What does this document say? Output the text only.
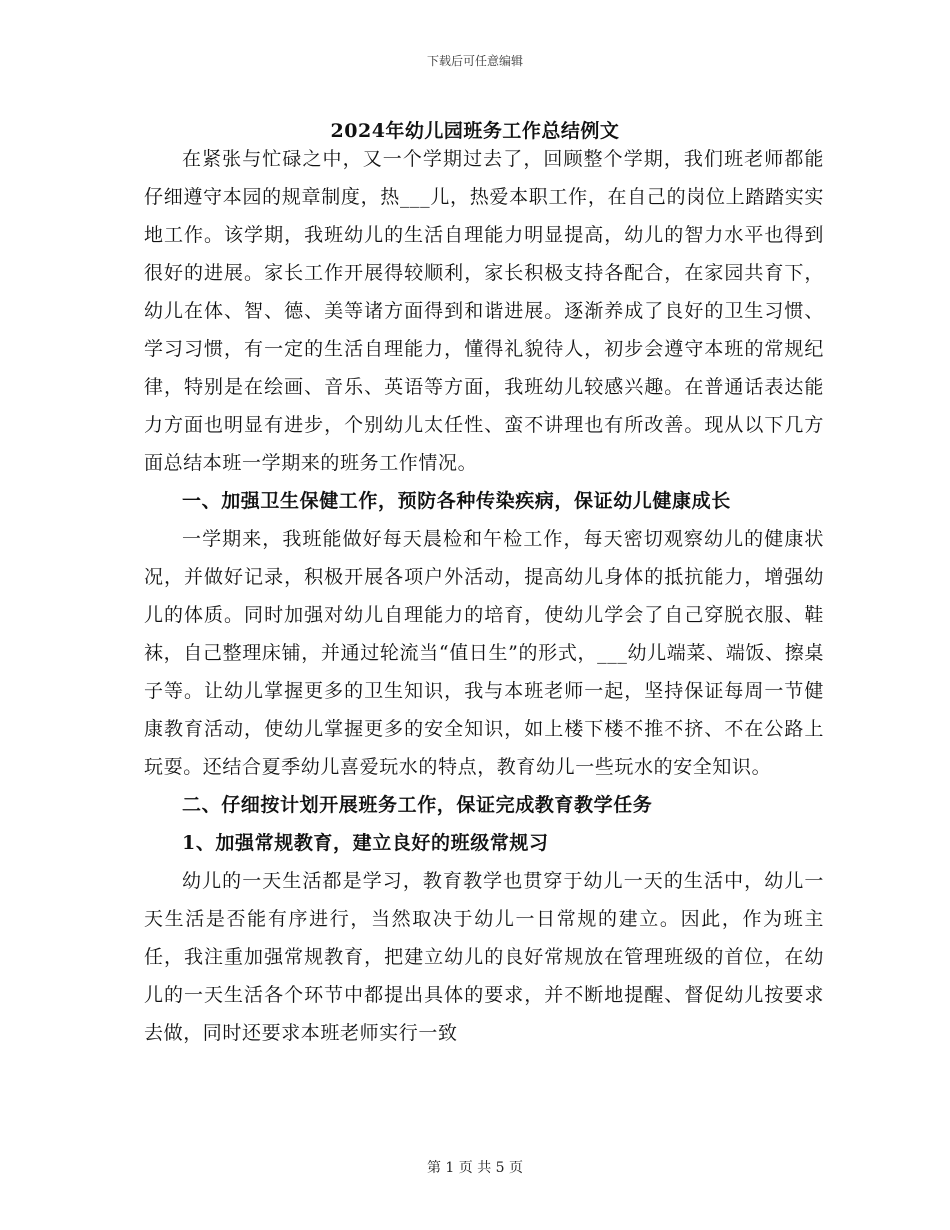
下载后可任意编辑
2024年幼儿园班务工作总结例文

在紧张与忙碌之中，又一个学期过去了，回顾整个学期，我们班老师都能仔细遵守本园的规章制度，热___儿，热爱本职工作，在自己的岗位上踏踏实实地工作。该学期，我班幼儿的生活自理能力明显提高，幼儿的智力水平也得到很好的进展。家长工作开展得较顺利，家长积极支持各配合，在家园共育下，幼儿在体、智、德、美等诸方面得到和谐进展。逐渐养成了良好的卫生习惯、学习习惯，有一定的生活自理能力，懂得礼貌待人，初步会遵守本班的常规纪律，特别是在绘画、音乐、英语等方面，我班幼儿较感兴趣。在普通话表达能力方面也明显有进步，个别幼儿太任性、蛮不讲理也有所改善。现从以下几方面总结本班一学期来的班务工作情况。

一、加强卫生保健工作，预防各种传染疾病，保证幼儿健康成长

一学期来，我班能做好每天晨检和午检工作，每天密切观察幼儿的健康状况，并做好记录，积极开展各项户外活动，提高幼儿身体的抵抗能力，增强幼儿的体质。同时加强对幼儿自理能力的培育，使幼儿学会了自己穿脱衣服、鞋袜，自己整理床铺，并通过轮流当“值日生”的形式，___幼儿端菜、端饭、擦桌子等。让幼儿掌握更多的卫生知识，我与本班老师一起，坚持保证每周一节健康教育活动，使幼儿掌握更多的安全知识，如上楼下楼不推不挤、不在公路上玩耍。还结合夏季幼儿喜爱玩水的特点，教育幼儿一些玩水的安全知识。

二、仔细按计划开展班务工作，保证完成教育教学任务

1、加强常规教育，建立良好的班级常规习

幼儿的一天生活都是学习，教育教学也贯穿于幼儿一天的生活中，幼儿一天生活是否能有序进行，当然取决于幼儿一日常规的建立。因此，作为班主任，我注重加强常规教育，把建立幼儿的良好常规放在管理班级的首位，在幼儿的一天生活各个环节中都提出具体的要求，并不断地提醒、督促幼儿按要求去做，同时还要求本班老师实行一致

第 1 页 共 5 页
